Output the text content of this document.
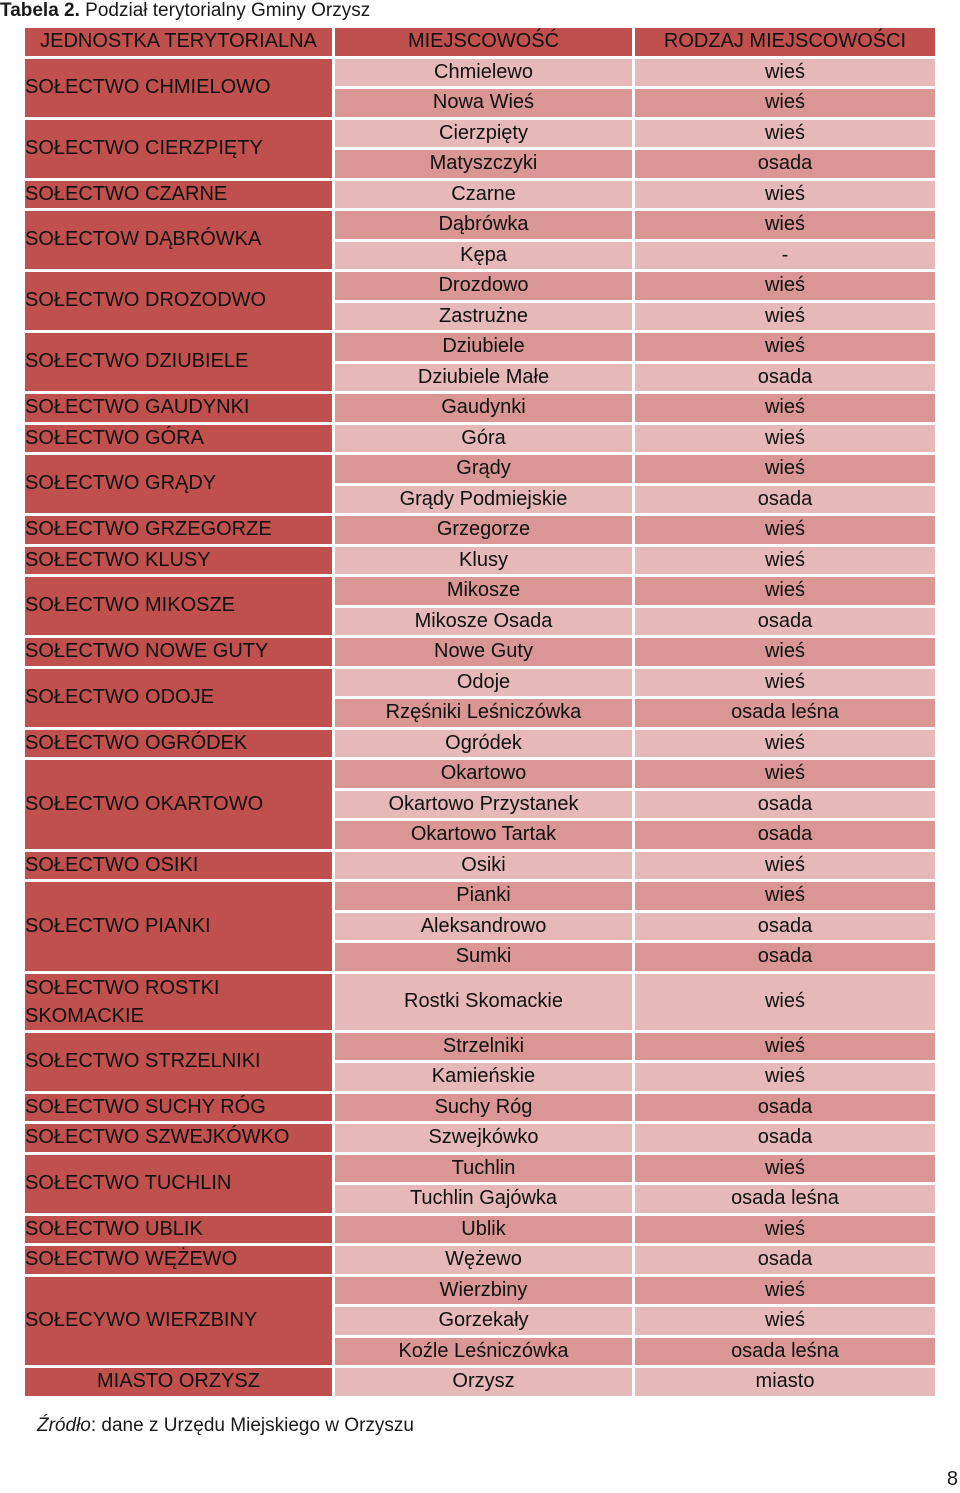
Tabela 2. Podział terytorialny Gminy Orzysz
JEDNOSTKA TERYTORIALNA	MIEJSCOWOŚĆ	RODZAJ MIEJSCOWOŚCI
SOŁECTWO CHMIELOWO	Chmielewo	wieś
	Nowa Wieś	wieś
SOŁECTWO CIERZPIĘTY	Cierzpięty	wieś
	Matyszczyki	osada
SOŁECTWO CZARNE	Czarne	wieś
SOŁECTOW DĄBRÓWKA	Dąbrówka	wieś
	Kępa	-
SOŁECTWO DROZODWO	Drozdowo	wieś
	Zastrużne	wieś
SOŁECTWO DZIUBIELE	Dziubiele	wieś
	Dziubiele Małe	osada
SOŁECTWO GAUDYNKI	Gaudynki	wieś
SOŁECTWO GÓRA	Góra	wieś
SOŁECTWO GRĄDY	Grądy	wieś
	Grądy Podmiejskie	osada
SOŁECTWO GRZEGORZE	Grzegorze	wieś
SOŁECTWO KLUSY	Klusy	wieś
SOŁECTWO MIKOSZE	Mikosze	wieś
	Mikosze Osada	osada
SOŁECTWO NOWE GUTY	Nowe Guty	wieś
SOŁECTWO ODOJE	Odoje	wieś
	Rzęśniki Leśniczówka	osada leśna
SOŁECTWO OGRÓDEK	Ogródek	wieś
SOŁECTWO OKARTOWO	Okartowo	wieś
	Okartowo Przystanek	osada
	Okartowo Tartak	osada
SOŁECTWO OSIKI	Osiki	wieś
SOŁECTWO PIANKI	Pianki	wieś
	Aleksandrowo	osada
	Sumki	osada
SOŁECTWO ROSTKI SKOMACKIE	Rostki Skomackie	wieś
SOŁECTWO STRZELNIKI	Strzelniki	wieś
	Kamieńskie	wieś
SOŁECTWO SUCHY RÓG	Suchy Róg	osada
SOŁECTWO SZWEJKÓWKO	Szwejkówko	osada
SOŁECTWO TUCHLIN	Tuchlin	wieś
	Tuchlin Gajówka	osada leśna
SOŁECTWO UBLIK	Ublik	wieś
SOŁECTWO WĘŻEWO	Wężewo	osada
SOŁECYWO WIERZBINY	Wierzbiny	wieś
	Gorzekały	wieś
	Koźle Leśniczówka	osada leśna
MIASTO ORZYSZ	Orzysz	miasto
Źródło: dane z Urzędu Miejskiego w Orzyszu
8
